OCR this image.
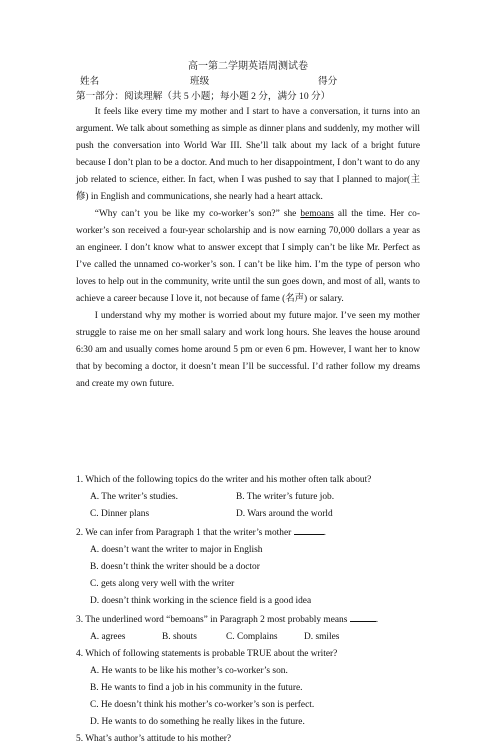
高一第二学期英语周测试卷
姓名	班级	得分
第一部分：阅读理解（共 5 小题；每小题 2 分，满分 10 分）

It feels like every time my mother and I start to have a conversation, it turns into an argument. We talk about something as simple as dinner plans and suddenly, my mother will push the conversation into World War III. She’ll talk about my lack of a bright future because I don’t plan to be a doctor. And much to her disappointment, I don’t want to do any job related to science, either. In fact, when I was pushed to say that I planned to major(主修) in English and communications, she nearly had a heart attack.

“Why can’t you be like my co-worker’s son?” she bemoans all the time. Her co-worker’s son received a four-year scholarship and is now earning 70,000 dollars a year as an engineer. I don’t know what to answer except that I simply can’t be like Mr. Perfect as I’ve called the unnamed co-worker’s son. I can’t be like him. I’m the type of person who loves to help out in the community, write until the sun goes down, and most of all, wants to achieve a career because I love it, not because of fame (名声) or salary.

I understand why my mother is worried about my future major. I’ve seen my mother struggle to raise me on her small salary and work long hours. She leaves the house around 6:30 am and usually comes home around 5 pm or even 6 pm. However, I want her to know that by becoming a doctor, it doesn’t mean I’ll be successful. I’d rather follow my dreams and create my own future.

1. Which of the following topics do the writer and his mother often talk about?
A. The writer’s studies.	B. The writer’s future job.
C. Dinner plans	D. Wars around the world
2. We can infer from Paragraph 1 that the writer’s mother	.
A. doesn’t want the writer to major in English
B. doesn’t think the writer should be a doctor
C. gets along very well with the writer
D. doesn’t think working in the science field is a good idea
3. The underlined word “bemoans” in Paragraph 2 most probably means	.
A. agrees	B. shouts	C. Complains	D. smiles
4. Which of following statements is probable TRUE about the writer?
A. He wants to be like his mother’s co-worker’s son.
B. He wants to find a job in his community in the future.
C. He doesn’t think his mother’s co-worker’s son is perfect.
D. He wants to do something he really likes in the future.
5. What’s author’s attitude to his mother?
